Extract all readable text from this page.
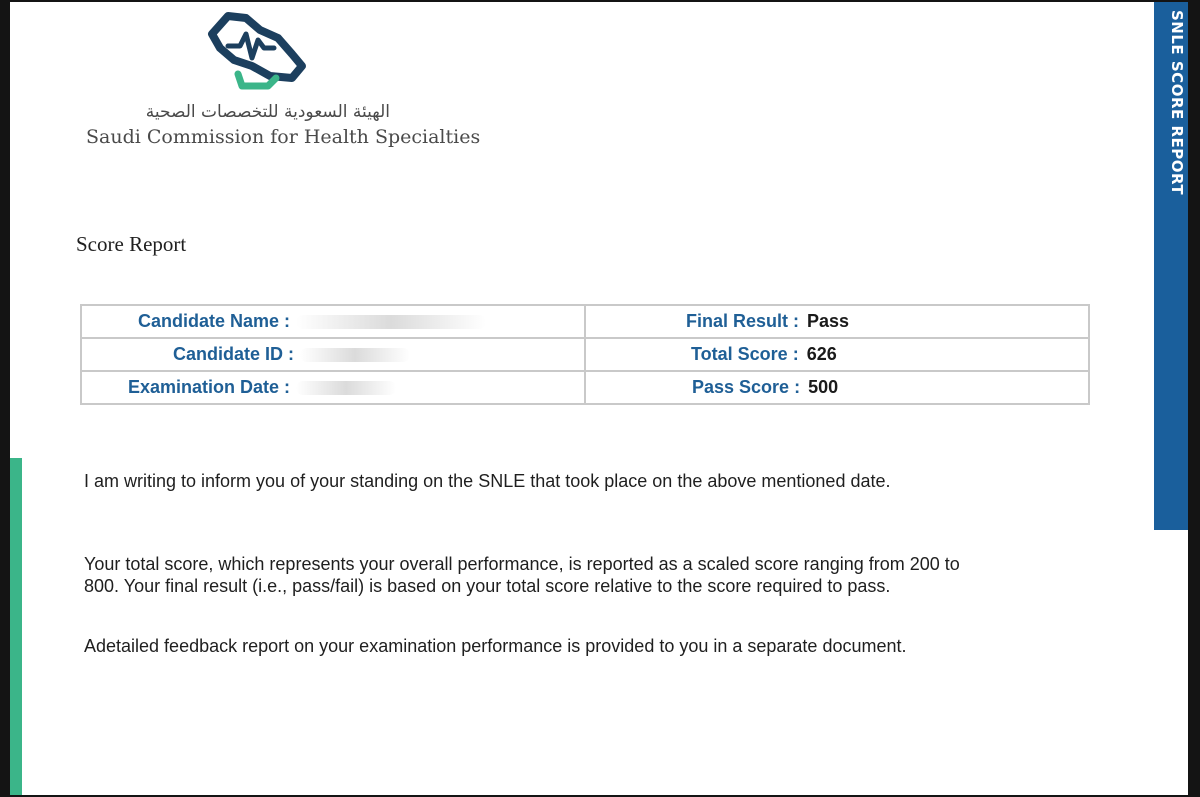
SNLE SCORE REPORT
الهيئة السعودية للتخصصات الصحية
Saudi Commission for Health Specialties
Score Report
Candidate Name :	Final Result : Pass

Candidate ID :	Total Score : 626

Examination Date :	Pass Score : 500
I am writing to inform you of your standing on the SNLE that took place on the above mentioned date.
Your total score, which represents your overall performance, is reported as a scaled score ranging from 200 to
800. Your final result (i.e., pass/fail) is based on your total score relative to the score required to pass.
Adetailed feedback report on your examination performance is provided to you in a separate document.
